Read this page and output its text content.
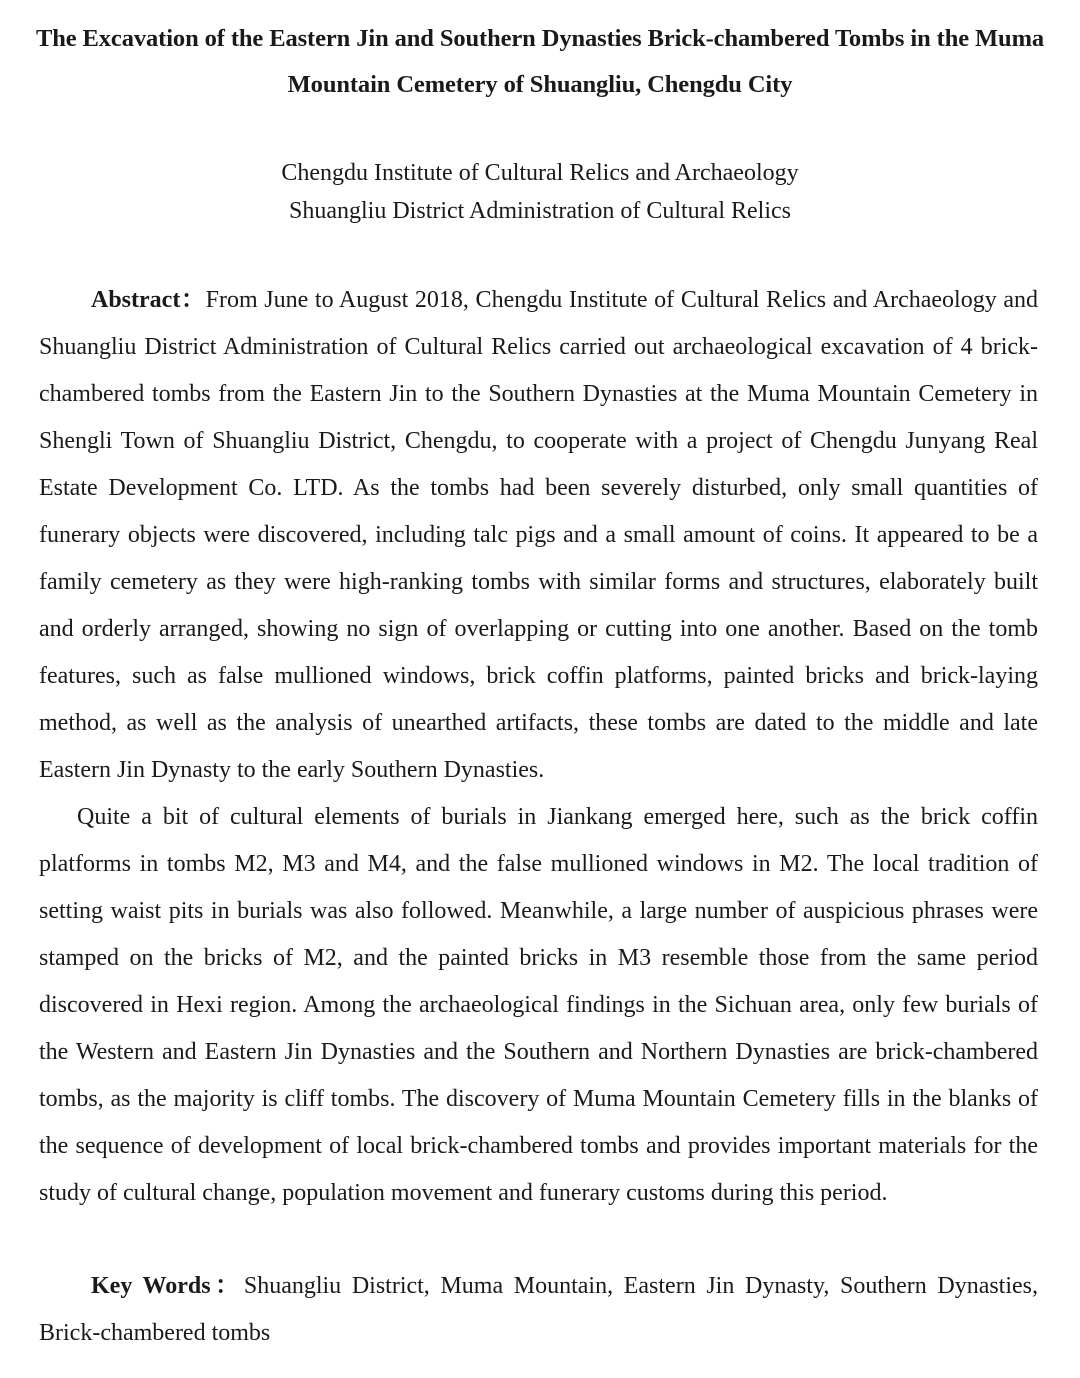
The Excavation of the Eastern Jin and Southern Dynasties Brick-chambered Tombs in the Muma Mountain Cemetery of Shuangliu, Chengdu City
Chengdu Institute of Cultural Relics and Archaeology
Shuangliu District Administration of Cultural Relics

Abstract：From June to August 2018, Chengdu Institute of Cultural Relics and Archaeology and Shuangliu District Administration of Cultural Relics carried out archaeological excavation of 4 brick-chambered tombs from the Eastern Jin to the Southern Dynasties at the Muma Mountain Cemetery in Shengli Town of Shuangliu District, Chengdu, to cooperate with a project of Chengdu Junyang Real Estate Development Co. LTD. As the tombs had been severely disturbed, only small quantities of funerary objects were discovered, including talc pigs and a small amount of coins. It appeared to be a family cemetery as they were high-ranking tombs with similar forms and structures, elaborately built and orderly arranged, showing no sign of overlapping or cutting into one another. Based on the tomb features, such as false mullioned windows, brick coffin platforms, painted bricks and brick-laying method, as well as the analysis of unearthed artifacts, these tombs are dated to the middle and late Eastern Jin Dynasty to the early Southern Dynasties.

Quite a bit of cultural elements of burials in Jiankang emerged here, such as the brick coffin platforms in tombs M2, M3 and M4, and the false mullioned windows in M2. The local tradition of setting waist pits in burials was also followed. Meanwhile, a large number of auspicious phrases were stamped on the bricks of M2, and the painted bricks in M3 resemble those from the same period discovered in Hexi region. Among the archaeological findings in the Sichuan area, only few burials of the Western and Eastern Jin Dynasties and the Southern and Northern Dynasties are brick-chambered tombs, as the majority is cliff tombs. The discovery of Muma Mountain Cemetery fills in the blanks of the sequence of development of local brick-chambered tombs and provides important materials for the study of cultural change, population movement and funerary customs during this period.

Key Words：Shuangliu District, Muma Mountain, Eastern Jin Dynasty, Southern Dynasties, Brick-chambered tombs
